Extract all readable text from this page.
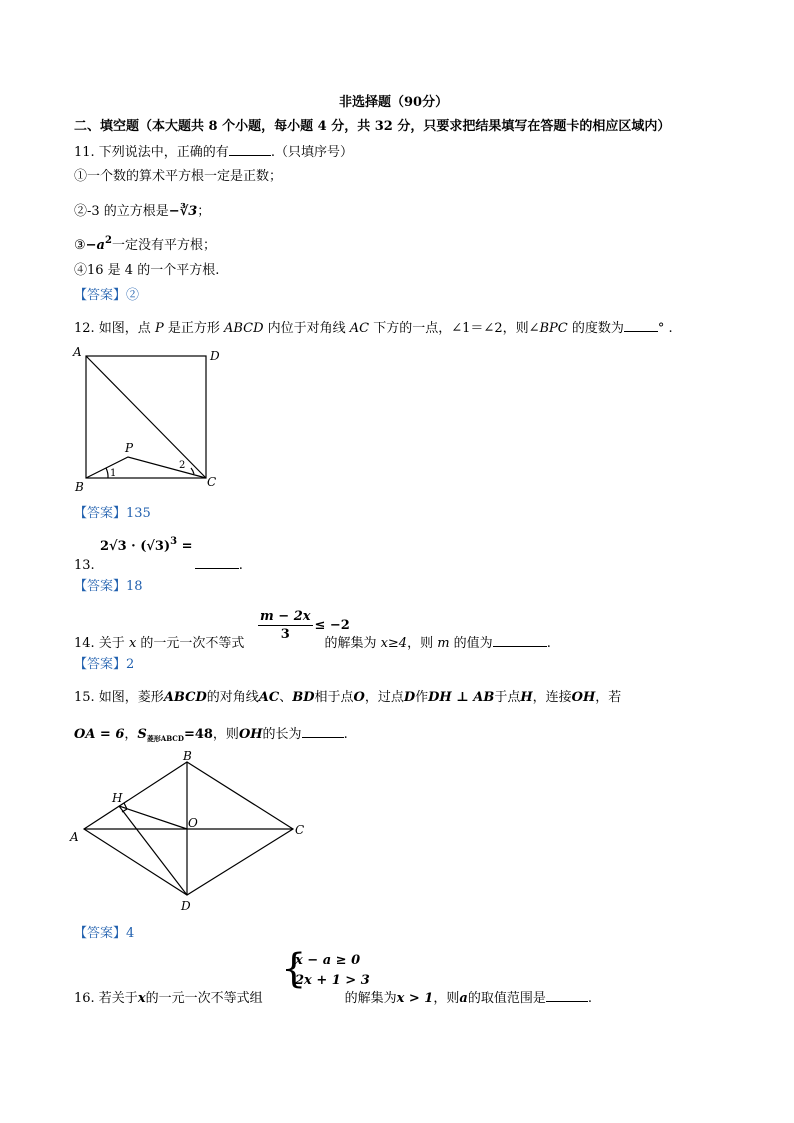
非选择题（90分）
二、填空题（本大题共 8 个小题，每小题 4 分，共 32 分，只要求把结果填写在答题卡的相应区域内）
11. 下列说法中，正确的有	.（只填序号）
①一个数的算术平方根一定是正数；
②-3 的立方根是−∛3；
$③-a^2$一定没有平方根；
④16 是 4 的一个平方根.
【答案】②
12. 如图，点 P 是正方形 ABCD 内位于对角线 AC 下方的一点，∠1＝∠2，则∠BPC 的度数为	° .
A	D
B	C
P
1
2
【答案】135
$2√3 \cdot (√3)^3$ =
13.	.
【答案】18
$\frac{m - 2x}{3} \le -2$
14. 关于 x 的一元一次不等式	的解集为 x≥4，则 m 的值为	.
【答案】2
15. 如图，菱形ABCD的对角线AC、BD相于点O，过点D作DH ⊥ AB于点H，连接OH，若
OA = 6，$S_{菱形ABCD}=48$，则OH的长为	.
A
B
C
D
H
O
【答案】4
{
x − a ≥ 0
2x + 1 > 3
16. 若关于x的一元一次不等式组	的解集为x > 1，则a的取值范围是	.
